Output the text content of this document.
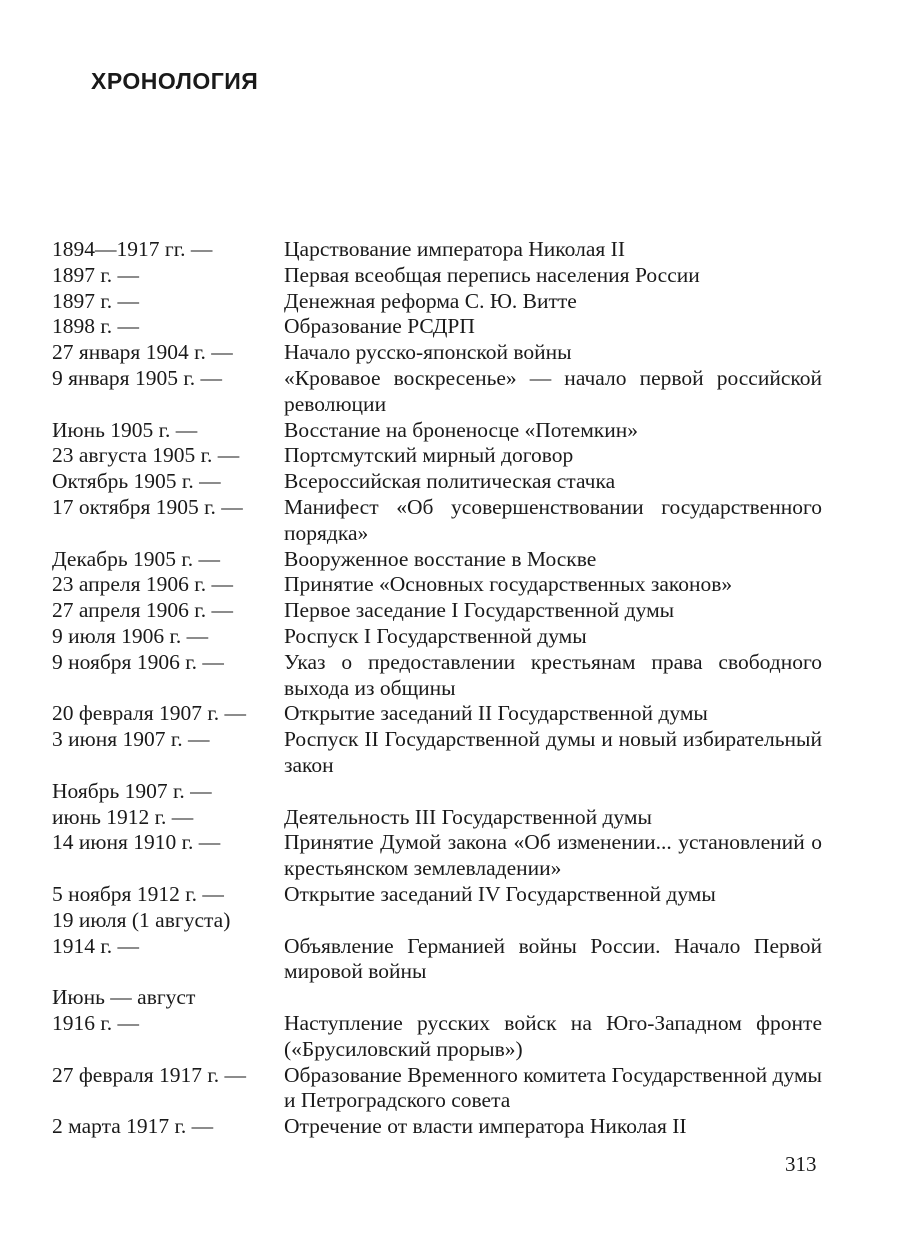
ХРОНОЛОГИЯ
1894—1917 гг. —	Царствование императора Николая II
1897 г. —	Первая всеобщая перепись населения России
1897 г. —	Денежная реформа С. Ю. Витте
1898 г. —	Образование РСДРП
27 января 1904 г. —	Начало русско-японской войны
9 января 1905 г. —	«Кровавое воскресенье» — начало первой российской революции
Июнь 1905 г. —	Восстание на броненосце «Потемкин»
23 августа 1905 г. —	Портсмутский мирный договор
Октябрь 1905 г. —	Всероссийская политическая стачка
17 октября 1905 г. —	Манифест «Об усовершенствовании государственного порядка»
Декабрь 1905 г. —	Вооруженное восстание в Москве
23 апреля 1906 г. —	Принятие «Основных государственных законов»
27 апреля 1906 г. —	Первое заседание I Государственной думы
9 июля 1906 г. —	Роспуск I Государственной думы
9 ноября 1906 г. —	Указ о предоставлении крестьянам права свободного выхода из общины
20 февраля 1907 г. —	Открытие заседаний II Государственной думы
3 июня 1907 г. —	Роспуск II Государственной думы и новый избирательный закон
Ноябрь 1907 г. —
июнь 1912 г. —	Деятельность III Государственной думы
14 июня 1910 г. —	Принятие Думой закона «Об изменении... установлений о крестьянском землевладении»
5 ноября 1912 г. —	Открытие заседаний IV Государственной думы
19 июля (1 августа)
1914 г. —	Объявление Германией войны России. Начало Первой мировой войны
Июнь — август
1916 г. —	Наступление русских войск на Юго-Западном фронте («Брусиловский прорыв»)
27 февраля 1917 г. —	Образование Временного комитета Государственной думы и Петроградского совета
2 марта 1917 г. —	Отречение от власти императора Николая II
313
